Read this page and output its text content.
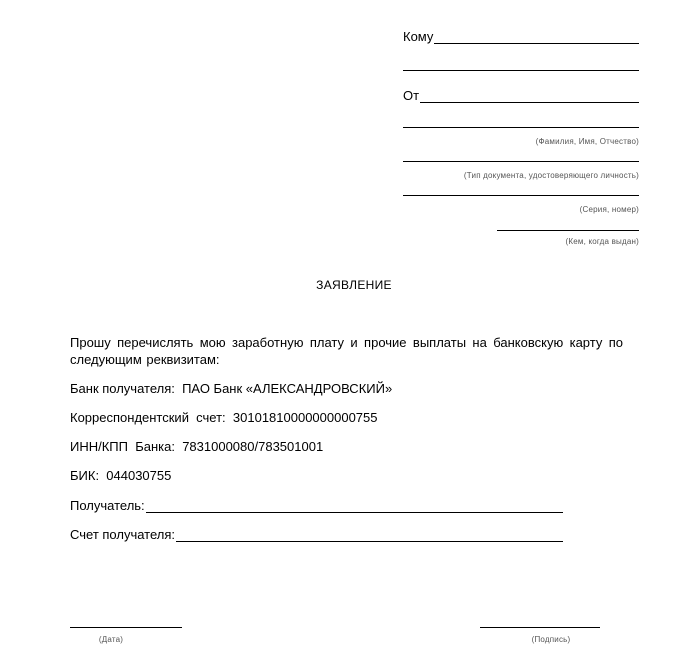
Кому
От
(Фамилия, Имя, Отчество)
(Тип документа, удостоверяющего личность)
(Серия, номер)
(Кем, когда выдан)
ЗАЯВЛЕНИЕ
Прошу перечислять мою заработную плату и прочие выплаты на банковскую карту по следующим реквизитам:
Банк получателя:  ПАО Банк «АЛЕКСАНДРОВСКИЙ»
Корреспондентский  счет:  30101810000000000755
ИНН/КПП  Банка:  7831000080/783501001
БИК:  044030755
Получатель:
Счет получателя:
(Дата)	(Подпись)
